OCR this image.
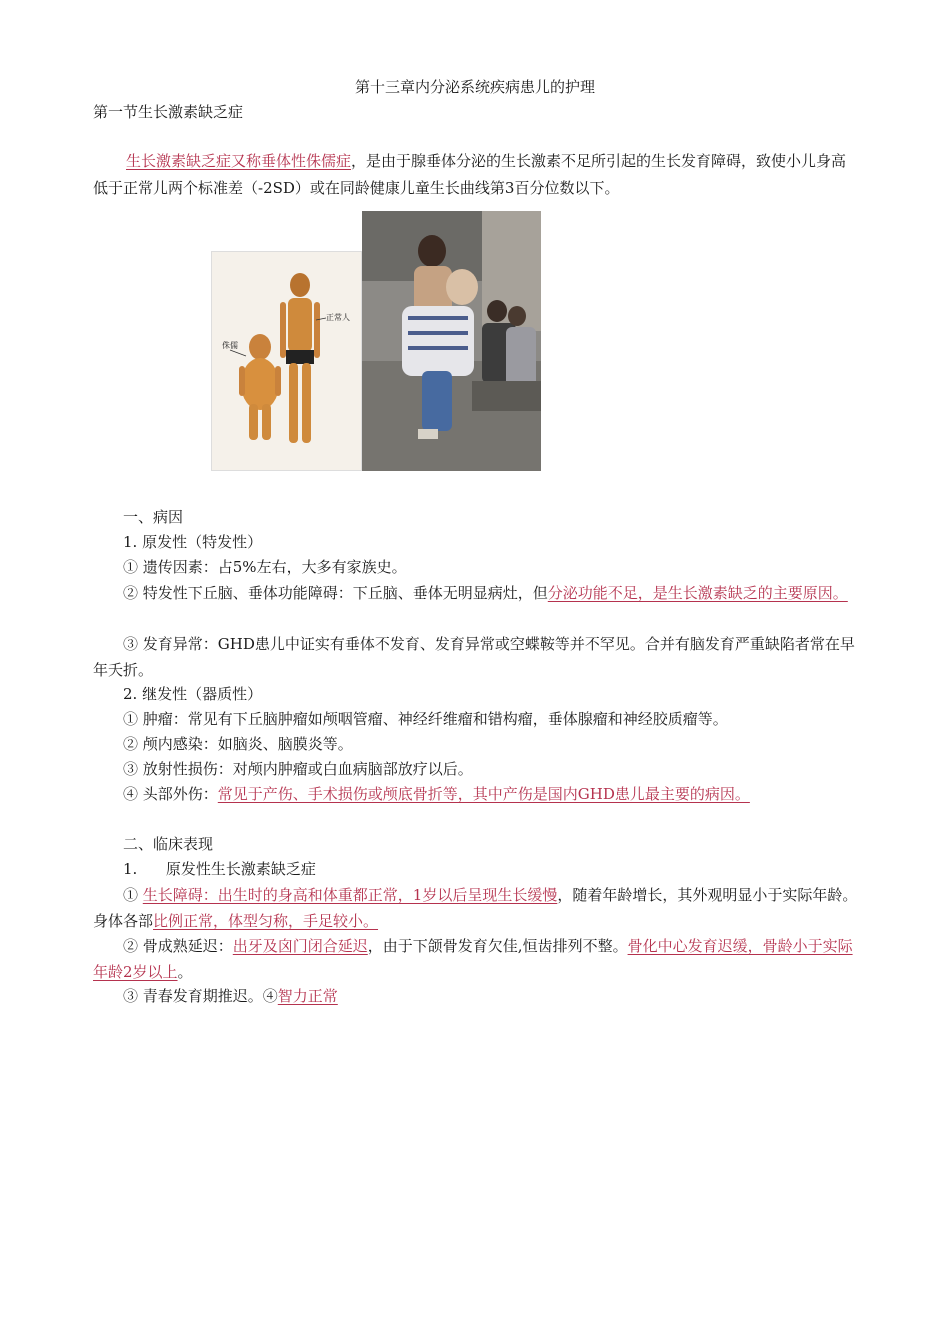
第十三章内分泌系统疾病患儿的护理
第一节生长激素缺乏症
生长激素缺乏症又称垂体性侏儒症，是由于腺垂体分泌的生长激素不足所引起的生长发育障碍，致使小儿身高低于正常儿两个标准差（-2SD）或在同龄健康儿童生长曲线第3百分位数以下。
侏儒
正常人
一、病因
1. 原发性（特发性）
① 遗传因素：占5%左右，大多有家族史。
② 特发性下丘脑、垂体功能障碍：下丘脑、垂体无明显病灶，但分泌功能不足，是生长激素缺乏的主要原因。
③ 发育异常：GHD患儿中证实有垂体不发育、发育异常或空蝶鞍等并不罕见。合并有脑发育严重缺陷者常在早年夭折。
2. 继发性（器质性）
① 肿瘤：常见有下丘脑肿瘤如颅咽管瘤、神经纤维瘤和错构瘤，垂体腺瘤和神经胶质瘤等。
② 颅内感染：如脑炎、脑膜炎等。
③ 放射性损伤：对颅内肿瘤或白血病脑部放疗以后。
④ 头部外伤：常见于产伤、手术损伤或颅底骨折等，其中产伤是国内GHD患儿最主要的病因。
二、临床表现
1.      原发性生长激素缺乏症
① 生长障碍：出生时的身高和体重都正常，1岁以后呈现生长缓慢，随着年龄增长，其外观明显小于实际年龄。身体各部比例正常，体型匀称，手足较小。
② 骨成熟延迟：出牙及囟门闭合延迟，由于下颌骨发育欠佳,恒齿排列不整。骨化中心发育迟缓，骨龄小于实际年龄2岁以上。
③ 青春发育期推迟。④智力正常
